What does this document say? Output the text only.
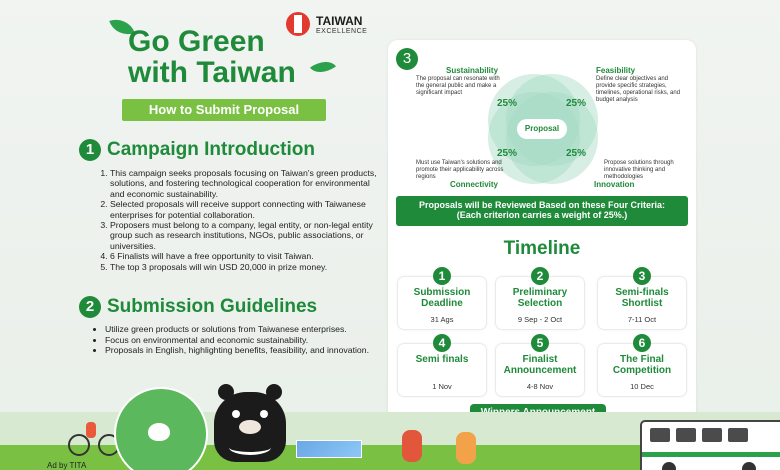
Go Green
with Taiwan
TAIWAN
EXCELLENCE
How to Submit Proposal
1 Campaign Introduction
1. This campaign seeks proposals focusing on Taiwan's green products, solutions, and fostering technological cooperation for environmental and economic sustainability.
2. Selected proposals will receive support connecting with Taiwanese enterprises for potential collaboration.
3. Proposers must belong to a company, legal entity, or non-legal entity group such as research institutions, NGOs, public associations, or universities.
4. 6 Finalists will have a free opportunity to visit Taiwan.
5. The top 3 proposals will win USD 20,000 in prize money.
2 Submission Guidelines
• Utilize green products or solutions from Taiwanese enterprises.
• Focus on environmental and economic sustainability.
• Proposals in English, highlighting benefits, feasibility, and innovation.
3
Sustainability
The proposal can resonate with the general public and make a significant impact
Feasibility
Define clear objectives and provide specific strategies, timelines, operational risks, and budget analysis
Must use Taiwan's solutions and promote their applicability across regions
Connectivity
Propose solutions through innovative thinking and methodologies
Innovation
25%	25%
25%	25%
Proposal
Proposals will be Reviewed Based on these Four Criteria:
(Each criterion carries a weight of 25%.)
Timeline
1
Submission Deadline
31 Ags
2
Preliminary Selection
9 Sep - 2 Oct
3
Semi-finals Shortlist
7-11 Oct
4
Semi finals
1 Nov
5
Finalist Announcement
4-8 Nov
6
The Final Competition
10 Dec
Ad by TITA
